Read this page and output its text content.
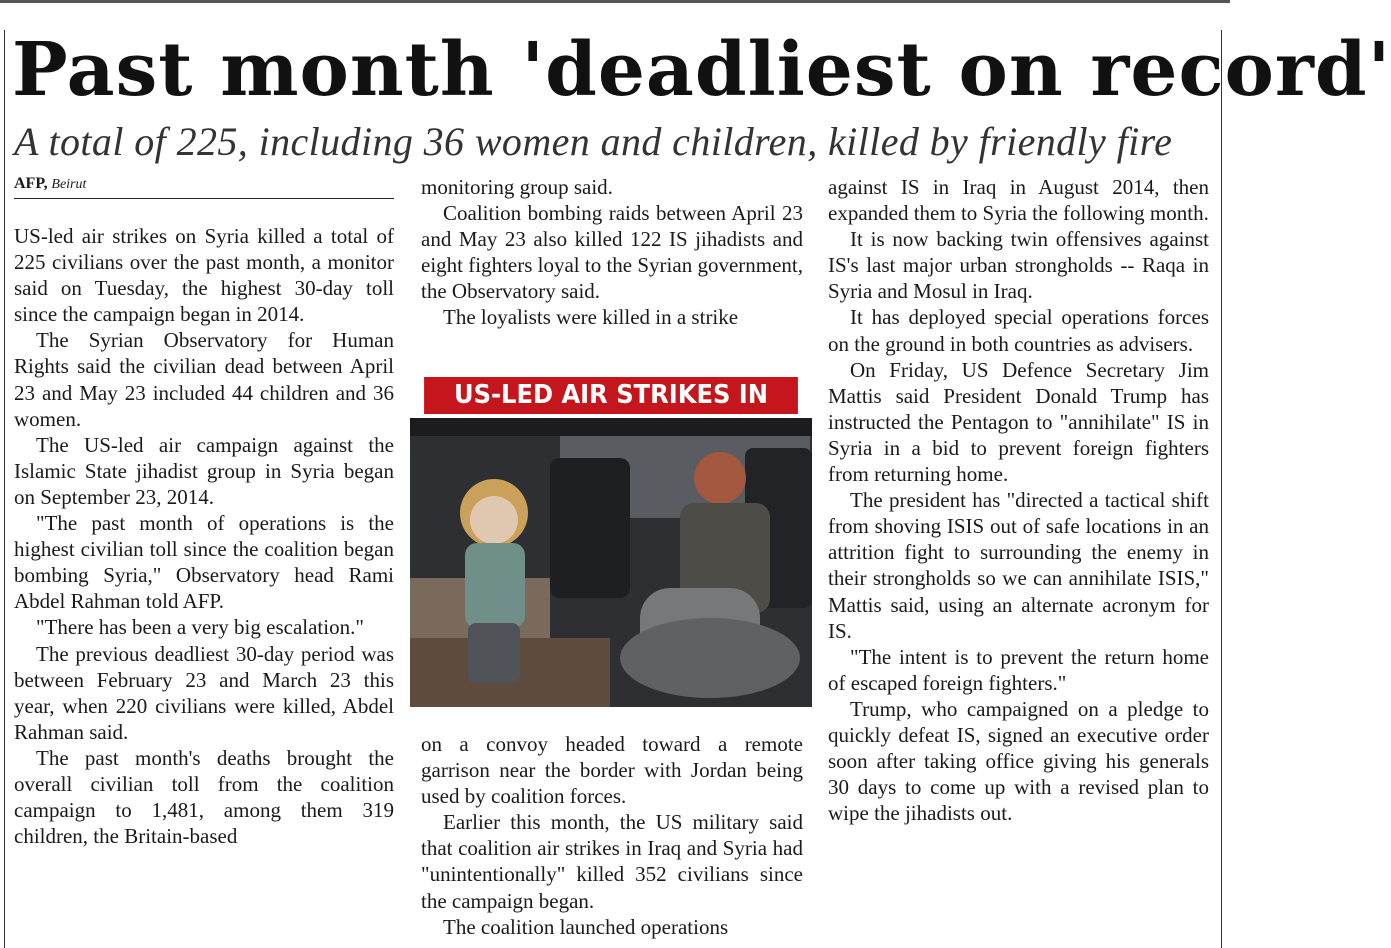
Past month 'deadliest on record'
A total of 225, including 36 women and children, killed by friendly fire
AFP, Beirut

US-led air strikes on Syria killed a total of 225 civilians over the past month, a monitor said on Tuesday, the highest 30-day toll since the campaign began in 2014.

The Syrian Observatory for Human Rights said the civilian dead between April 23 and May 23 included 44 children and 36 women.

The US-led air campaign against the Islamic State jihadist group in Syria began on September 23, 2014.

"The past month of operations is the highest civilian toll since the coalition began bombing Syria," Observatory head Rami Abdel Rahman told AFP.

"There has been a very big escalation."

The previous deadliest 30-day period was between February 23 and March 23 this year, when 220 civilians were killed, Abdel Rahman said.

The past month's deaths brought the overall civilian toll from the coalition campaign to 1,481, among them 319 children, the Britain-based

monitoring group said.

Coalition bombing raids between April 23 and May 23 also killed 122 IS jihadists and eight fighters loyal to the Syrian government, the Observatory said.

The loyalists were killed in a strike

US-LED AIR STRIKES IN

on a convoy headed toward a remote garrison near the border with Jordan being used by coalition forces.

Earlier this month, the US military said that coalition air strikes in Iraq and Syria had "unintentionally" killed 352 civilians since the campaign began.

The coalition launched operations

against IS in Iraq in August 2014, then expanded them to Syria the following month.

It is now backing twin offensives against IS's last major urban strongholds -- Raqa in Syria and Mosul in Iraq.

It has deployed special operations forces on the ground in both countries as advisers.

On Friday, US Defence Secretary Jim Mattis said President Donald Trump has instructed the Pentagon to "annihilate" IS in Syria in a bid to prevent foreign fighters from returning home.

The president has "directed a tactical shift from shoving ISIS out of safe locations in an attrition fight to surrounding the enemy in their strongholds so we can annihilate ISIS," Mattis said, using an alternate acronym for IS.

"The intent is to prevent the return home of escaped foreign fighters."

Trump, who campaigned on a pledge to quickly defeat IS, signed an executive order soon after taking office giving his generals 30 days to come up with a revised plan to wipe the jihadists out.
